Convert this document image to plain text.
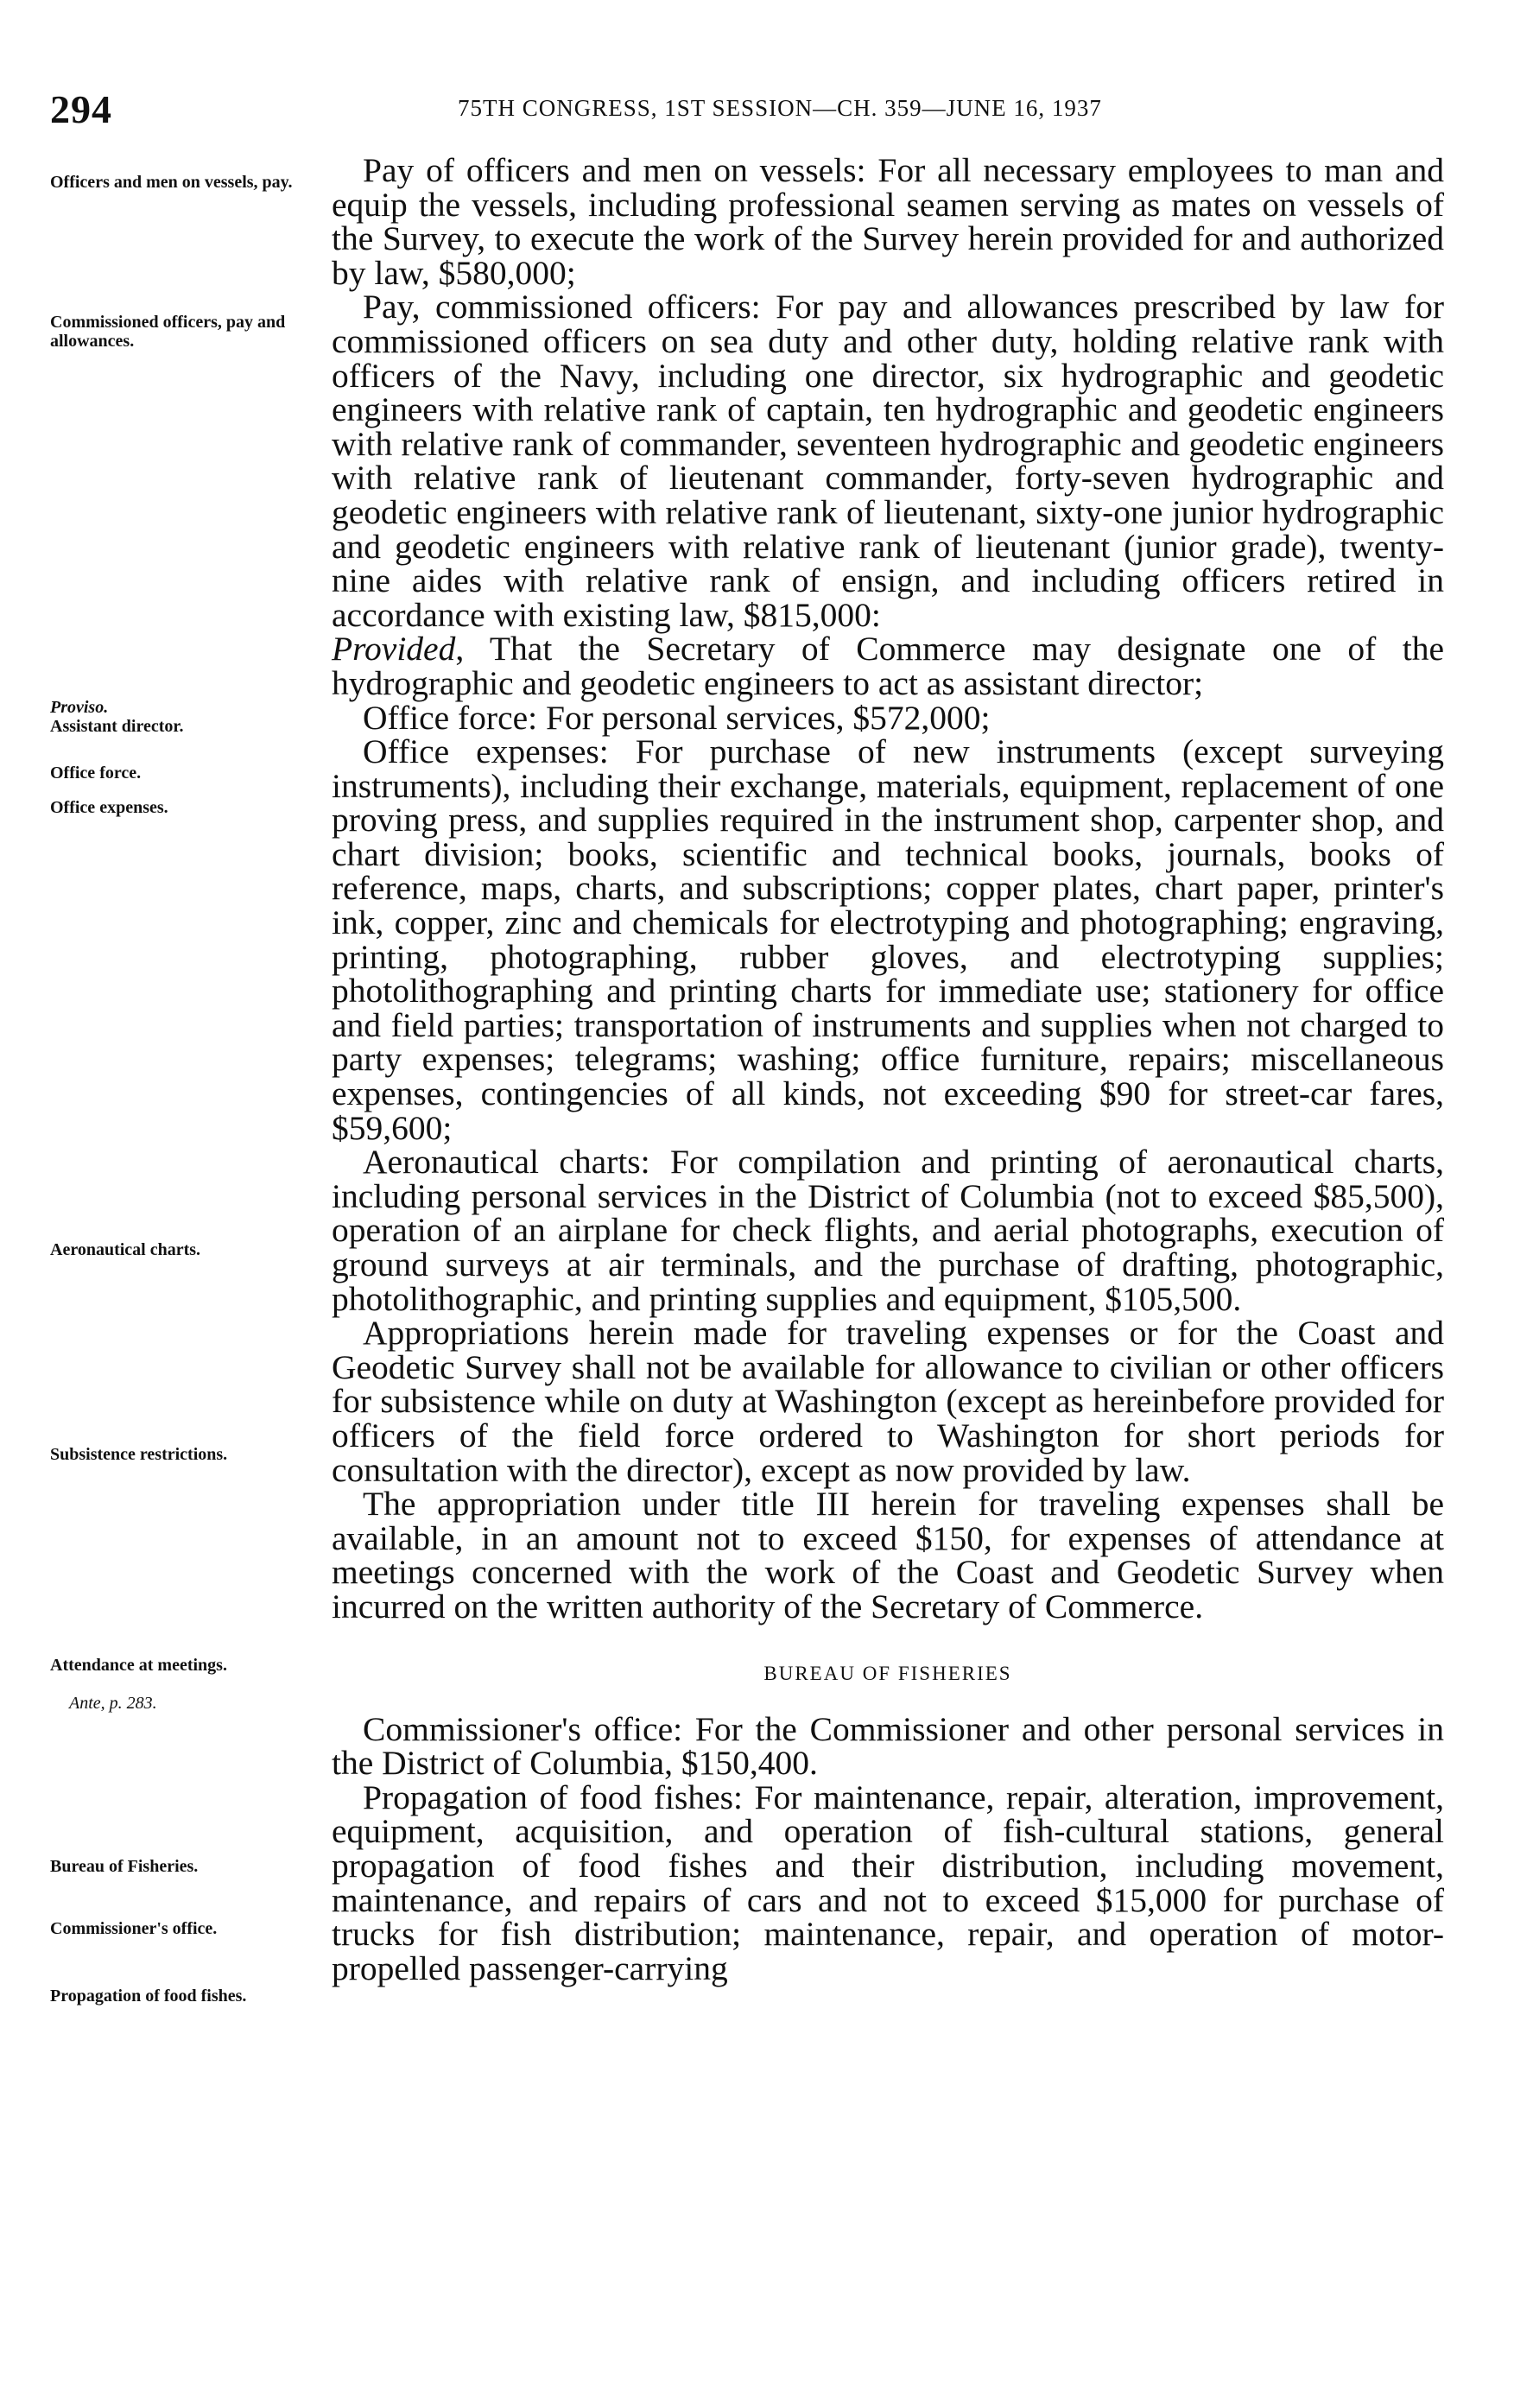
294	75TH CONGRESS, 1ST SESSION—CH. 359—JUNE 16, 1937
Officers and men on vessels, pay.
Commissioned officers, pay and allowances.
Proviso.
Assistant director.
Office force.
Office expenses.
Aeronautical charts.
Subsistence restrictions.
Attendance at meetings.
Ante, p. 283.
Bureau of Fisheries.
Commissioner's office.
Propagation of food fishes.

Pay of officers and men on vessels: For all necessary employees to man and equip the vessels, including professional seamen serving as mates on vessels of the Survey, to execute the work of the Survey herein provided for and authorized by law, $580,000;

Pay, commissioned officers: For pay and allowances prescribed by law for commissioned officers on sea duty and other duty, holding relative rank with officers of the Navy, including one director, six hydrographic and geodetic engineers with relative rank of captain, ten hydrographic and geodetic engineers with relative rank of commander, seventeen hydrographic and geodetic engineers with relative rank of lieutenant commander, forty-seven hydrographic and geodetic engineers with relative rank of lieutenant, sixty-one junior hydrographic and geodetic engineers with relative rank of lieutenant (junior grade), twenty-nine aides with relative rank of ensign, and including officers retired in accordance with existing law, $815,000:

Provided, That the Secretary of Commerce may designate one of the hydrographic and geodetic engineers to act as assistant director;

Office force: For personal services, $572,000;

Office expenses: For purchase of new instruments (except surveying instruments), including their exchange, materials, equipment, replacement of one proving press, and supplies required in the instrument shop, carpenter shop, and chart division; books, scientific and technical books, journals, books of reference, maps, charts, and subscriptions; copper plates, chart paper, printer's ink, copper, zinc and chemicals for electrotyping and photographing; engraving, printing, photographing, rubber gloves, and electrotyping supplies; photolithographing and printing charts for immediate use; stationery for office and field parties; transportation of instruments and supplies when not charged to party expenses; telegrams; washing; office furniture, repairs; miscellaneous expenses, contingencies of all kinds, not exceeding $90 for street-car fares, $59,600;

Aeronautical charts: For compilation and printing of aeronautical charts, including personal services in the District of Columbia (not to exceed $85,500), operation of an airplane for check flights, and aerial photographs, execution of ground surveys at air terminals, and the purchase of drafting, photographic, photolithographic, and printing supplies and equipment, $105,500.

Appropriations herein made for traveling expenses or for the Coast and Geodetic Survey shall not be available for allowance to civilian or other officers for subsistence while on duty at Washington (except as hereinbefore provided for officers of the field force ordered to Washington for short periods for consultation with the director), except as now provided by law.

The appropriation under title III herein for traveling expenses shall be available, in an amount not to exceed $150, for expenses of attendance at meetings concerned with the work of the Coast and Geodetic Survey when incurred on the written authority of the Secretary of Commerce.

BUREAU OF FISHERIES

Commissioner's office: For the Commissioner and other personal services in the District of Columbia, $150,400.

Propagation of food fishes: For maintenance, repair, alteration, improvement, equipment, acquisition, and operation of fish-cultural stations, general propagation of food fishes and their distribution, including movement, maintenance, and repairs of cars and not to exceed $15,000 for purchase of trucks for fish distribution; maintenance, repair, and operation of motor-propelled passenger-carrying
